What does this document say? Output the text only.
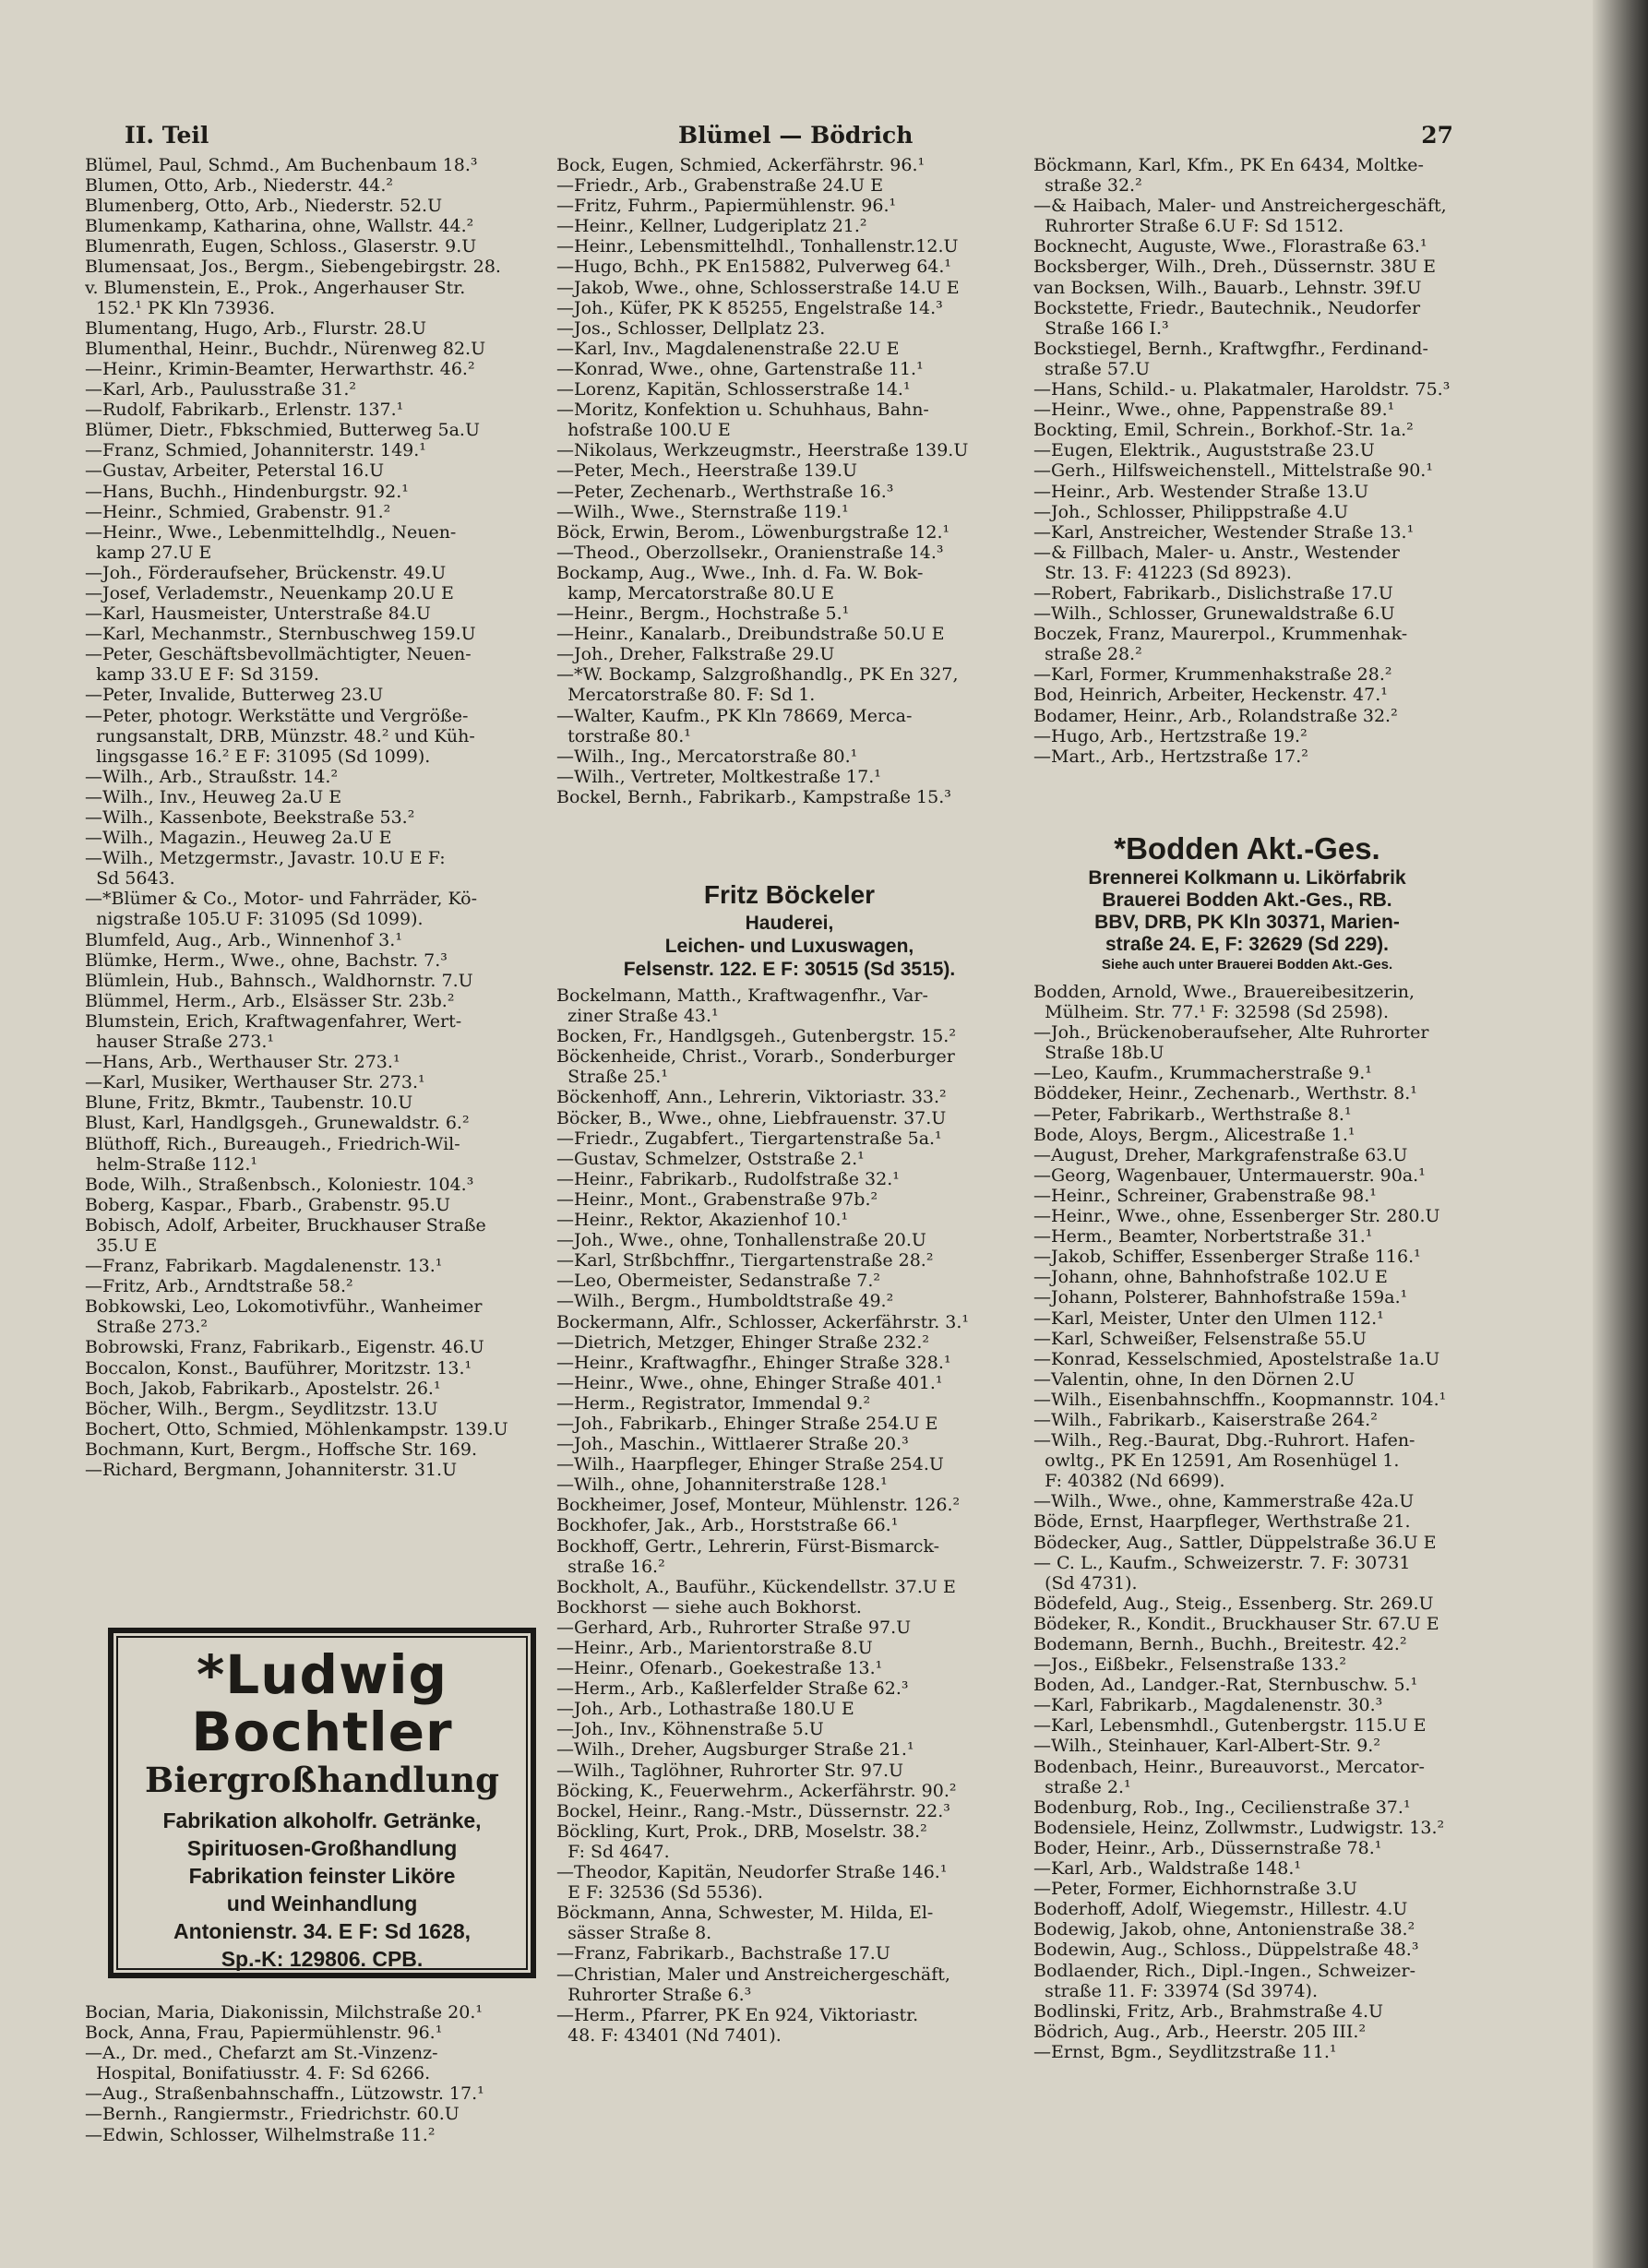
II. Teil	Blümel — Bödrich	27
Blümel, Paul, Schmd., Am Buchenbaum 18.³
Blumen, Otto, Arb., Niederstr. 44.²
Blumenberg, Otto, Arb., Niederstr. 52.U
Blumenkamp, Katharina, ohne, Wallstr. 44.²
Blumenrath, Eugen, Schloss., Glaserstr. 9.U
Blumensaat, Jos., Bergm., Siebengebirgstr. 28.
v. Blumenstein, E., Prok., Angerhauser Str.
152.¹ PK Kln 73936.
Blumentang, Hugo, Arb., Flurstr. 28.U
Blumenthal, Heinr., Buchdr., Nürenweg 82.U
—Heinr., Krimin-Beamter, Herwarthstr. 46.²
—Karl, Arb., Paulusstraße 31.²
—Rudolf, Fabrikarb., Erlenstr. 137.¹
Blümer, Dietr., Fbkschmied, Butterweg 5a.U
—Franz, Schmied, Johanniterstr. 149.¹
—Gustav, Arbeiter, Peterstal 16.U
—Hans, Buchh., Hindenburgstr. 92.¹
—Heinr., Schmied, Grabenstr. 91.²
—Heinr., Wwe., Lebenmittelhdlg., Neuen-
kamp 27.U E
—Joh., Förderaufseher, Brückenstr. 49.U
—Josef, Verlademstr., Neuenkamp 20.U E
—Karl, Hausmeister, Unterstraße 84.U
—Karl, Mechanmstr., Sternbuschweg 159.U
—Peter, Geschäftsbevollmächtigter, Neuen-
kamp 33.U E F: Sd 3159.
—Peter, Invalide, Butterweg 23.U
—Peter, photogr. Werkstätte und Vergröße-
rungsanstalt, DRB, Münzstr. 48.² und Küh-
lingsgasse 16.² E F: 31095 (Sd 1099).
—Wilh., Arb., Straußstr. 14.²
—Wilh., Inv., Heuweg 2a.U E
—Wilh., Kassenbote, Beekstraße 53.²
—Wilh., Magazin., Heuweg 2a.U E
—Wilh., Metzgermstr., Javastr. 10.U E F:
Sd 5643.
—*Blümer & Co., Motor- und Fahrräder, Kö-
nigstraße 105.U F: 31095 (Sd 1099).
Blumfeld, Aug., Arb., Winnenhof 3.¹
Blümke, Herm., Wwe., ohne, Bachstr. 7.³
Blümlein, Hub., Bahnsch., Waldhornstr. 7.U
Blümmel, Herm., Arb., Elsässer Str. 23b.²
Blumstein, Erich, Kraftwagenfahrer, Wert-
hauser Straße 273.¹
—Hans, Arb., Werthauser Str. 273.¹
—Karl, Musiker, Werthauser Str. 273.¹
Blune, Fritz, Bkmtr., Taubenstr. 10.U
Blust, Karl, Handlgsgeh., Grunewaldstr. 6.²
Blüthoff, Rich., Bureaugeh., Friedrich-Wil-
helm-Straße 112.¹
Bode, Wilh., Straßenbsch., Koloniestr. 104.³
Boberg, Kaspar., Fbarb., Grabenstr. 95.U
Bobisch, Adolf, Arbeiter, Bruckhauser Straße
35.U E
—Franz, Fabrikarb. Magdalenenstr. 13.¹
—Fritz, Arb., Arndtstraße 58.²
Bobkowski, Leo, Lokomotivführ., Wanheimer
Straße 273.²
Bobrowski, Franz, Fabrikarb., Eigenstr. 46.U
Boccalon, Konst., Bauführer, Moritzstr. 13.¹
Boch, Jakob, Fabrikarb., Apostelstr. 26.¹
Böcher, Wilh., Bergm., Seydlitzstr. 13.U
Bochert, Otto, Schmied, Möhlenkampstr. 139.U
Bochmann, Kurt, Bergm., Hoffsche Str. 169.
—Richard, Bergmann, Johanniterstr. 31.U
*Ludwig Bochtler
Biergroßhandlung
Fabrikation alkoholfr. Getränke,
Spirituosen-Großhandlung
Fabrikation feinster Liköre
und Weinhandlung
Antonienstr. 34. E F: Sd 1628,
Sp.-K: 129806. CPB.
Bocian, Maria, Diakonissin, Milchstraße 20.¹
Bock, Anna, Frau, Papiermühlenstr. 96.¹
—A., Dr. med., Chefarzt am St.-Vinzenz-
Hospital, Bonifatiusstr. 4. F: Sd 6266.
—Aug., Straßenbahnschaffn., Lützowstr. 17.¹
—Bernh., Rangiermstr., Friedrichstr. 60.U
—Edwin, Schlosser, Wilhelmstraße 11.²
Bock, Eugen, Schmied, Ackerfährstr. 96.¹
—Friedr., Arb., Grabenstraße 24.U E
—Fritz, Fuhrm., Papiermühlenstr. 96.¹
—Heinr., Kellner, Ludgeriplatz 21.²
—Heinr., Lebensmittelhdl., Tonhallenstr.12.U
—Hugo, Bchh., PK En15882, Pulverweg 64.¹
—Jakob, Wwe., ohne, Schlosserstraße 14.U E
—Joh., Küfer, PK K 85255, Engelstraße 14.³
—Jos., Schlosser, Dellplatz 23.
—Karl, Inv., Magdalenenstraße 22.U E
—Konrad, Wwe., ohne, Gartenstraße 11.¹
—Lorenz, Kapitän, Schlosserstraße 14.¹
—Moritz, Konfektion u. Schuhhaus, Bahn-
hofstraße 100.U E
—Nikolaus, Werkzeugmstr., Heerstraße 139.U
—Peter, Mech., Heerstraße 139.U
—Peter, Zechenarb., Werthstraße 16.³
—Wilh., Wwe., Sternstraße 119.¹
Böck, Erwin, Berom., Löwenburgstraße 12.¹
—Theod., Oberzollsekr., Oranienstraße 14.³
Bockamp, Aug., Wwe., Inh. d. Fa. W. Bok-
kamp, Mercatorstraße 80.U E
—Heinr., Bergm., Hochstraße 5.¹
—Heinr., Kanalarb., Dreibundstraße 50.U E
—Joh., Dreher, Falkstraße 29.U
—*W. Bockamp, Salzgroßhandlg., PK En 327,
Mercatorstraße 80. F: Sd 1.
—Walter, Kaufm., PK Kln 78669, Merca-
torstraße 80.¹
—Wilh., Ing., Mercatorstraße 80.¹
—Wilh., Vertreter, Moltkestraße 17.¹
Bockel, Bernh., Fabrikarb., Kampstraße 15.³
Fritz Böckeler
Hauderei,
Leichen- und Luxuswagen,
Felsenstr. 122. E F: 30515 (Sd 3515).
Bockelmann, Matth., Kraftwagenfhr., Var-
ziner Straße 43.¹
Bocken, Fr., Handlgsgeh., Gutenbergstr. 15.²
Böckenheide, Christ., Vorarb., Sonderburger
Straße 25.¹
Böckenhoff, Ann., Lehrerin, Viktoriastr. 33.²
Böcker, B., Wwe., ohne, Liebfrauenstr. 37.U
—Friedr., Zugabfert., Tiergartenstraße 5a.¹
—Gustav, Schmelzer, Oststraße 2.¹
—Heinr., Fabrikarb., Rudolfstraße 32.¹
—Heinr., Mont., Grabenstraße 97b.²
—Heinr., Rektor, Akazienhof 10.¹
—Joh., Wwe., ohne, Tonhallenstraße 20.U
—Karl, Strßbchffnr., Tiergartenstraße 28.²
—Leo, Obermeister, Sedanstraße 7.²
—Wilh., Bergm., Humboldtstraße 49.²
Bockermann, Alfr., Schlosser, Ackerfährstr. 3.¹
—Dietrich, Metzger, Ehinger Straße 232.²
—Heinr., Kraftwagfhr., Ehinger Straße 328.¹
—Heinr., Wwe., ohne, Ehinger Straße 401.¹
—Herm., Registrator, Immendal 9.²
—Joh., Fabrikarb., Ehinger Straße 254.U E
—Joh., Maschin., Wittlaerer Straße 20.³
—Wilh., Haarpfleger, Ehinger Straße 254.U
—Wilh., ohne, Johanniterstraße 128.¹
Bockheimer, Josef, Monteur, Mühlenstr. 126.²
Bockhofer, Jak., Arb., Horststraße 66.¹
Bockhoff, Gertr., Lehrerin, Fürst-Bismarck-
straße 16.²
Bockholt, A., Bauführ., Kückendellstr. 37.U E
Bockhorst — siehe auch Bokhorst.
—Gerhard, Arb., Ruhrorter Straße 97.U
—Heinr., Arb., Marientorstraße 8.U
—Heinr., Ofenarb., Goekestraße 13.¹
—Herm., Arb., Kaßlerfelder Straße 62.³
—Joh., Arb., Lothastraße 180.U E
—Joh., Inv., Köhnenstraße 5.U
—Wilh., Dreher, Augsburger Straße 21.¹
—Wilh., Taglöhner, Ruhrorter Str. 97.U
Böcking, K., Feuerwehrm., Ackerfährstr. 90.²
Bockel, Heinr., Rang.-Mstr., Düssernstr. 22.³
Böckling, Kurt, Prok., DRB, Moselstr. 38.²
F: Sd 4647.
—Theodor, Kapitän, Neudorfer Straße 146.¹
E F: 32536 (Sd 5536).
Böckmann, Anna, Schwester, M. Hilda, El-
sässer Straße 8.
—Franz, Fabrikarb., Bachstraße 17.U
—Christian, Maler und Anstreichergeschäft,
Ruhrorter Straße 6.³
—Herm., Pfarrer, PK En 924, Viktoriastr.
48. F: 43401 (Nd 7401).
Böckmann, Karl, Kfm., PK En 6434, Moltke-
straße 32.²
—& Haibach, Maler- und Anstreichergeschäft,
Ruhrorter Straße 6.U F: Sd 1512.
Bocknecht, Auguste, Wwe., Florastraße 63.¹
Bocksberger, Wilh., Dreh., Düssernstr. 38U E
van Bocksen, Wilh., Bauarb., Lehnstr. 39f.U
Bockstette, Friedr., Bautechnik., Neudorfer
Straße 166 I.³
Bockstiegel, Bernh., Kraftwgfhr., Ferdinand-
straße 57.U
—Hans, Schild.- u. Plakatmaler, Haroldstr. 75.³
—Heinr., Wwe., ohne, Pappenstraße 89.¹
Bockting, Emil, Schrein., Borkhof.-Str. 1a.²
—Eugen, Elektrik., Auguststraße 23.U
—Gerh., Hilfsweichenstell., Mittelstraße 90.¹
—Heinr., Arb. Westender Straße 13.U
—Joh., Schlosser, Philippstraße 4.U
—Karl, Anstreicher, Westender Straße 13.¹
—& Fillbach, Maler- u. Anstr., Westender
Str. 13. F: 41223 (Sd 8923).
—Robert, Fabrikarb., Dislichstraße 17.U
—Wilh., Schlosser, Grunewaldstraße 6.U
Boczek, Franz, Maurerpol., Krummenhak-
straße 28.²
—Karl, Former, Krummenhakstraße 28.²
Bod, Heinrich, Arbeiter, Heckenstr. 47.¹
Bodamer, Heinr., Arb., Rolandstraße 32.²
—Hugo, Arb., Hertzstraße 19.²
—Mart., Arb., Hertzstraße 17.²
*Bodden Akt.-Ges.
Brennerei Kolkmann u. Likörfabrik
Brauerei Bodden Akt.-Ges., RB.
BBV, DRB, PK Kln 30371, Marien-
straße 24. E, F: 32629 (Sd 229).
Siehe auch unter Brauerei Bodden Akt.-Ges.
Bodden, Arnold, Wwe., Brauereibesitzerin,
Mülheim. Str. 77.¹ F: 32598 (Sd 2598).
—Joh., Brückenoberaufseher, Alte Ruhrorter
Straße 18b.U
—Leo, Kaufm., Krummacherstraße 9.¹
Böddeker, Heinr., Zechenarb., Werthstr. 8.¹
—Peter, Fabrikarb., Werthstraße 8.¹
Bode, Aloys, Bergm., Alicestraße 1.¹
—August, Dreher, Markgrafenstraße 63.U
—Georg, Wagenbauer, Untermauerstr. 90a.¹
—Heinr., Schreiner, Grabenstraße 98.¹
—Heinr., Wwe., ohne, Essenberger Str. 280.U
—Herm., Beamter, Norbertstraße 31.¹
—Jakob, Schiffer, Essenberger Straße 116.¹
—Johann, ohne, Bahnhofstraße 102.U E
—Johann, Polsterer, Bahnhofstraße 159a.¹
—Karl, Meister, Unter den Ulmen 112.¹
—Karl, Schweißer, Felsenstraße 55.U
—Konrad, Kesselschmied, Apostelstraße 1a.U
—Valentin, ohne, In den Dörnen 2.U
—Wilh., Eisenbahnschffn., Koopmannstr. 104.¹
—Wilh., Fabrikarb., Kaiserstraße 264.²
—Wilh., Reg.-Baurat, Dbg.-Ruhrort. Hafen-
owltg., PK En 12591, Am Rosenhügel 1.
F: 40382 (Nd 6699).
—Wilh., Wwe., ohne, Kammerstraße 42a.U
Böde, Ernst, Haarpfleger, Werthstraße 21.
Bödecker, Aug., Sattler, Düppelstraße 36.U E
— C. L., Kaufm., Schweizerstr. 7. F: 30731
(Sd 4731).
Bödefeld, Aug., Steig., Essenberg. Str. 269.U
Bödeker, R., Kondit., Bruckhauser Str. 67.U E
Bodemann, Bernh., Buchh., Breitestr. 42.²
—Jos., Eißbekr., Felsenstraße 133.²
Boden, Ad., Landger.-Rat, Sternbuschw. 5.¹
—Karl, Fabrikarb., Magdalenenstr. 30.³
—Karl, Lebensmhdl., Gutenbergstr. 115.U E
—Wilh., Steinhauer, Karl-Albert-Str. 9.²
Bodenbach, Heinr., Bureauvorst., Mercator-
straße 2.¹
Bodenburg, Rob., Ing., Cecilienstraße 37.¹
Bodensiele, Heinz, Zollwmstr., Ludwigstr. 13.²
Boder, Heinr., Arb., Düssernstraße 78.¹
—Karl, Arb., Waldstraße 148.¹
—Peter, Former, Eichhornstraße 3.U
Boderhoff, Adolf, Wiegemstr., Hillestr. 4.U
Bodewig, Jakob, ohne, Antonienstraße 38.²
Bodewin, Aug., Schloss., Düppelstraße 48.³
Bodlaender, Rich., Dipl.-Ingen., Schweizer-
straße 11. F: 33974 (Sd 3974).
Bodlinski, Fritz, Arb., Brahmstraße 4.U
Bödrich, Aug., Arb., Heerstr. 205 III.²
—Ernst, Bgm., Seydlitzstraße 11.¹
